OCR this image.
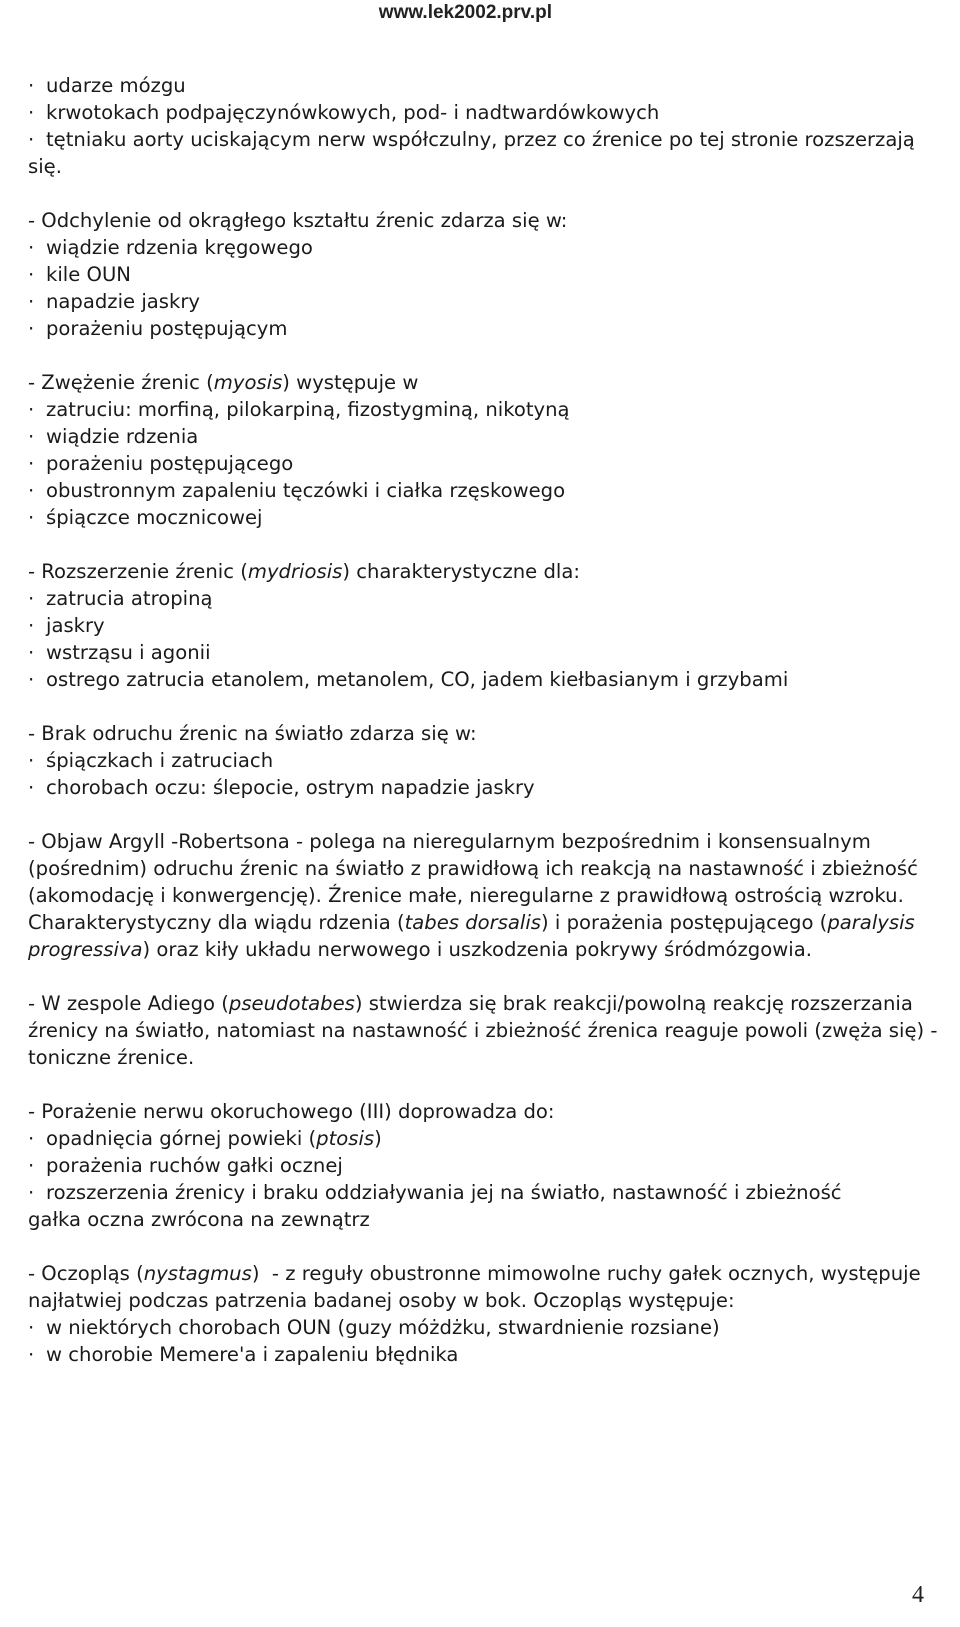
www.lek2002.prv.pl
· udarze mózgu
· krwotokach podpajęczynówkowych, pod- i nadtwardówkowych
· tętniaku aorty uciskającym nerw współczulny, przez co źrenice po tej stronie rozszerzają się.
- Odchylenie od okrągłego kształtu źrenic zdarza się w:
· wiądzie rdzenia kręgowego
· kile OUN
· napadzie jaskry
· porażeniu postępującym
- Zwężenie źrenic (myosis) występuje w
· zatruciu: morfiną, pilokarpiną, fizostygminą, nikotyną
· wiądzie rdzenia
· porażeniu postępującego
· obustronnym zapaleniu tęczówki i ciałka rzęskowego
· śpiączce mocznicowej
- Rozszerzenie źrenic (mydriosis) charakterystyczne dla:
· zatrucia atropiną
· jaskry
· wstrząsu i agonii
· ostrego zatrucia etanolem, metanolem, CO, jadem kiełbasianym i grzybami
- Brak odruchu źrenic na światło zdarza się w:
· śpiączkach i zatruciach
· chorobach oczu: ślepocie, ostrym napadzie jaskry
- Objaw Argyll -Robertsona - polega na nieregularnym bezpośrednim i konsensualnym (pośrednim) odruchu źrenic na światło z prawidłową ich reakcją na nastawność i zbieżność (akomodację i konwergencję). Źrenice małe, nieregularne z prawidłową ostrością wzroku. Charakterystyczny dla wiądu rdzenia (tabes dorsalis) i porażenia postępującego (paralysis progressiva) oraz kiły układu nerwowego i uszkodzenia pokrywy śródmózgowia.
- W zespole Adiego (pseudotabes) stwierdza się brak reakcji/powolną reakcję rozszerzania źrenicy na światło, natomiast na nastawność i zbieżność źrenica reaguje powoli (zwęża się) - toniczne źrenice.
- Porażenie nerwu okoruchowego (III) doprowadza do:
· opadnięcia górnej powieki (ptosis)
· porażenia ruchów gałki ocznej
· rozszerzenia źrenicy i braku oddziaływania jej na światło, nastawność i zbieżność
gałka oczna zwrócona na zewnątrz
- Oczopląs (nystagmus)  - z reguły obustronne mimowolne ruchy gałek ocznych, występuje najłatwiej podczas patrzenia badanej osoby w bok. Oczopląs występuje:
· w niektórych chorobach OUN (guzy móżdżku, stwardnienie rozsiane)
· w chorobie Memere'a i zapaleniu błędnika
4
